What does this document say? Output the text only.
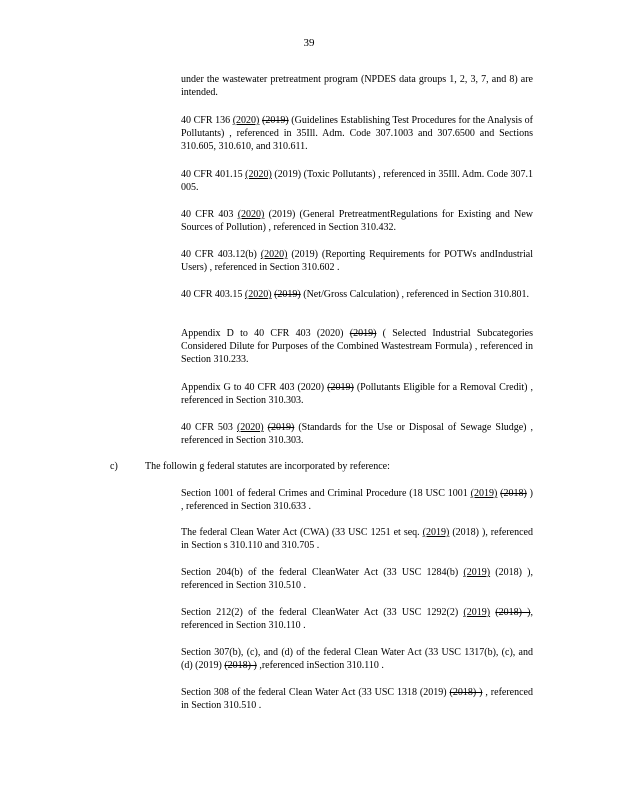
39
under the wastewater pretreatment program (NPDES data groups 1, 2, 3, 7, and 8) are intended.
40 CFR 136 (2020) (2019) (Guidelines Establishing Test Procedures for the Analysis of Pollutants) , referenced in 35Ill. Adm. Code 307.1003 and 307.6500 and Sections 310.605, 310.610, and 310.611.
40 CFR 401.15 (2020) (2019) (Toxic Pollutants) , referenced in 35Ill. Adm. Code 307.1 005.
40 CFR 403 (2020) (2019) (General PretreatmentRegulations for Existing and New Sources of Pollution) , referenced in Section 310.432.
40 CFR 403.12(b) (2020) (2019) (Reporting Requirements for POTWs andIndustrial Users) , referenced in Section 310.602 .
40 CFR 403.15 (2020) (2019) (Net/Gross Calculation) , referenced in Section 310.801.
Appendix D to 40 CFR 403 (2020) (2019) ( Selected Industrial Subcategories Considered Dilute for Purposes of the Combined Wastestream Formula) , referenced in Section 310.233.
Appendix G to 40 CFR 403 (2020) (2019) (Pollutants Eligible for a Removal Credit) , referenced in Section 310.303.
40 CFR 503 (2020) (2019) (Standards for the Use or Disposal of Sewage Sludge) , referenced in Section 310.303.
c)	The followin g federal statutes are incorporated by reference:
Section 1001 of federal Crimes and Criminal Procedure (18 USC 1001 (2019) (2018) ) , referenced in Section 310.633 .
The federal Clean Water Act (CWA) (33 USC 1251 et seq. (2019) (2018) ), referenced in Section s 310.110 and 310.705 .
Section 204(b) of the federal CleanWater Act (33 USC 1284(b) (2019) (2018) ), referenced in Section 310.510 .
Section 212(2) of the federal CleanWater Act (33 USC 1292(2) (2019) (2018) ), referenced in Section 310.110 .
Section 307(b), (c), and (d) of the federal Clean Water Act (33 USC 1317(b), (c), and (d) (2019) (2018) ) ,referenced inSection 310.110 .
Section 308 of the federal Clean Water Act (33 USC 1318 (2019) (2018) ) , referenced in Section 310.510 .
